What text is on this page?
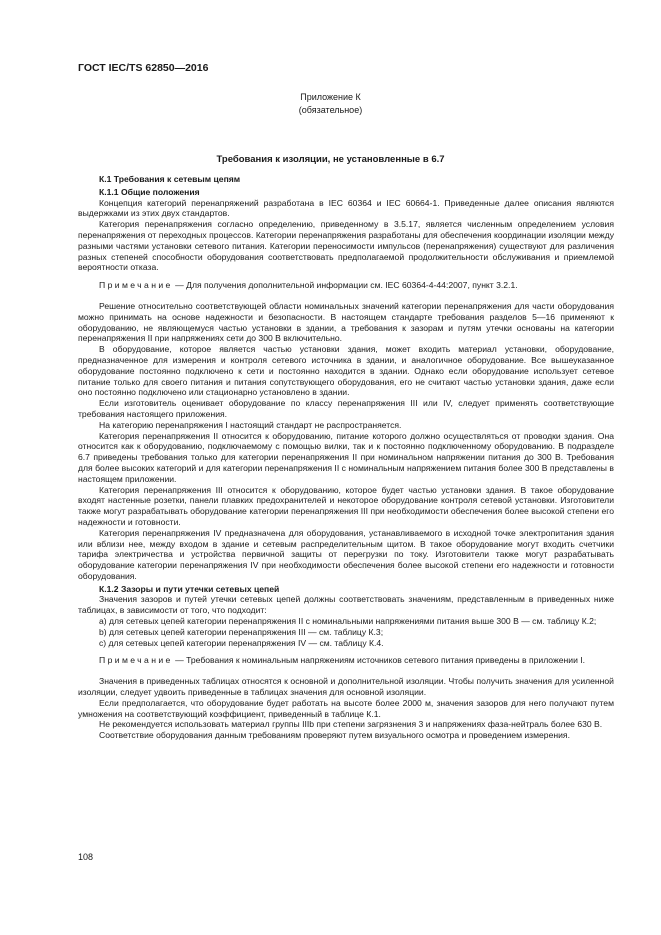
ГОСТ IEC/TS 62850—2016
Приложение К
(обязательное)
Требования к изоляции, не установленные в 6.7

К.1 Требования к сетевым цепям

К.1.1 Общие положения

Концепция категорий перенапряжений разработана в IEC 60364 и IEC 60664-1. Приведенные далее описания являются выдержками из этих двух стандартов.

Категория перенапряжения согласно определению, приведенному в 3.5.17, является численным определением условия перенапряжения от переходных процессов. Категории перенапряжения разработаны для обеспечения координации изоляции между разными частями установки сетевого питания. Категории переносимости импульсов (перенапряжения) существуют для различения разных степеней способности оборудования соответствовать предполагаемой продолжительности обслуживания и приемлемой вероятности отказа.

Примечание — Для получения дополнительной информации см. IEC 60364-4-44:2007, пункт 3.2.1.

Решение относительно соответствующей области номинальных значений категории перенапряжения для части оборудования можно принимать на основе надежности и безопасности. В настоящем стандарте требования разделов 5—16 применяют к оборудованию, не являющемуся частью установки в здании, а требования к зазорам и путям утечки основаны на категории перенапряжения II при напряжениях сети до 300 В включительно.

В оборудование, которое является частью установки здания, может входить материал установки, оборудование, предназначенное для измерения и контроля сетевого источника в здании, и аналогичное оборудование. Все вышеуказанное оборудование постоянно подключено к сети и постоянно находится в здании. Однако если оборудование использует сетевое питание только для своего питания и питания сопутствующего оборудования, его не считают частью установки здания, даже если оно постоянно подключено или стационарно установлено в здании.

Если изготовитель оценивает оборудование по классу перенапряжения III или IV, следует применять соответствующие требования настоящего приложения.

На категорию перенапряжения I настоящий стандарт не распространяется.

Категория перенапряжения II относится к оборудованию, питание которого должно осуществляться от проводки здания. Она относится как к оборудованию, подключаемому с помощью вилки, так и к постоянно подключенному оборудованию. В подразделе 6.7 приведены требования только для категории перенапряжения II при номинальном напряжении питания до 300 В. Требования для более высоких категорий и для категории перенапряжения II с номинальным напряжением питания более 300 В представлены в настоящем приложении.

Категория перенапряжения III относится к оборудованию, которое будет частью установки здания. В такое оборудование входят настенные розетки, панели плавких предохранителей и некоторое оборудование контроля сетевой установки. Изготовители также могут разрабатывать оборудование категории перенапряжения III при необходимости обеспечения более высокой степени его надежности и готовности.

Категория перенапряжения IV предназначена для оборудования, устанавливаемого в исходной точке электропитания здания или вблизи нее, между входом в здание и сетевым распределительным щитом. В такое оборудование могут входить счетчики тарифа электричества и устройства первичной защиты от перегрузки по току. Изготовители также могут разрабатывать оборудование категории перенапряжения IV при необходимости обеспечения более высокой степени его надежности и готовности оборудования.

К.1.2 Зазоры и пути утечки сетевых цепей

Значения зазоров и путей утечки сетевых цепей должны соответствовать значениям, представленным в приведенных ниже таблицах, в зависимости от того, что подходит:

а) для сетевых цепей категории перенапряжения II с номинальными напряжениями питания выше 300 В — см. таблицу К.2;

b) для сетевых цепей категории перенапряжения III — см. таблицу К.3;

с) для сетевых цепей категории перенапряжения IV — см. таблицу К.4.

Примечание — Требования к номинальным напряжениям источников сетевого питания приведены в приложении I.

Значения в приведенных таблицах относятся к основной и дополнительной изоляции. Чтобы получить значения для усиленной изоляции, следует удвоить приведенные в таблицах значения для основной изоляции.

Если предполагается, что оборудование будет работать на высоте более 2000 м, значения зазоров для него получают путем умножения на соответствующий коэффициент, приведенный в таблице К.1.

Не рекомендуется использовать материал группы IIIb при степени загрязнения 3 и напряжениях фаза-нейтраль более 630 В.

Соответствие оборудования данным требованиям проверяют путем визуального осмотра и проведением измерения.

108
